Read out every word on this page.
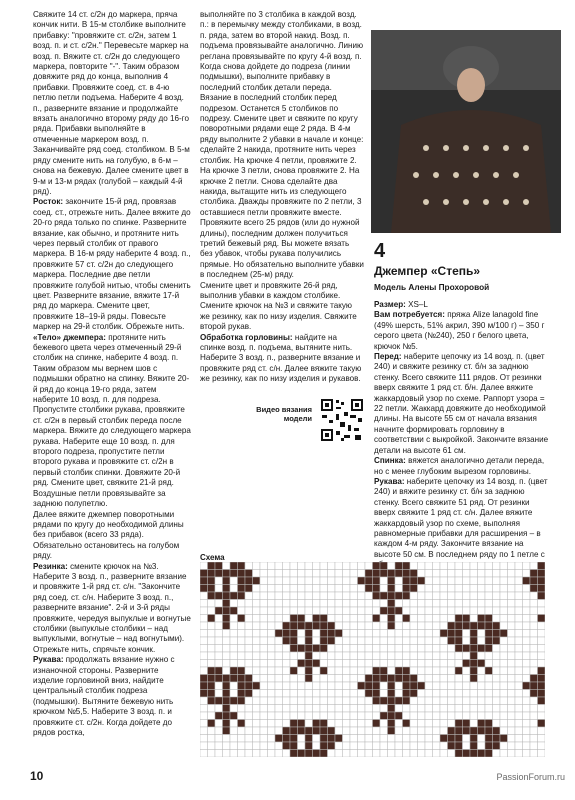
Свяжите 14 ст. с/2н до маркера, пряча кончик нити. В 15-м столбике выполните прибавку: "провяжите ст. с/2н, затем 1 возд. п. и ст. с/2н." Перевесьте маркер на возд. п. Вяжите ст. с/2н до следующего маркера, повторите "-". Таким образом довяжите ряд до конца, выполнив 4 прибавки. Провяжите соед. ст. в 4-ю петлю петли подъема. Наберите 4 возд. п., разверните вязание и продолжайте вязать аналогично второму ряду до 16-го ряда. Прибавки выполняйте в отмеченные маркером возд. п. Заканчивайте ряд соед. столбиком. В 5-м ряду смените нить на голубую, в 6-м – снова на бежевую. Далее смените цвет в 9-м и 13-м рядах (голубой – каждый 4-й ряд).

Росток: закончите 15-й ряд, провязав соед. ст., отрежьте нить. Далее вяжите до 20-го ряда только по спинке. Разверните вязание, как обычно, и протяните нить через первый столбик от правого маркера. В 16-м ряду наберите 4 возд. п., провяжите 57 ст. с/2н до следующего маркера. Последние две петли провяжите голубой нитью, чтобы сменить цвет. Разверните вязание, вяжите 17-й ряд до маркера. Смените цвет, провяжите 18–19-й ряды. Повесьте маркер на 29-й столбик. Обрежьте нить.

«Тело» джемпера: протяните нить бежевого цвета через отмеченный 29-й столбик на спинке, наберите 4 возд. п. Таким образом мы вернем шов с подмышки обратно на спинку. Вяжите 20-й ряд до конца 19-го ряда, затем наберите 10 возд. п. для подреза. Пропустите столбики рукава, провяжите ст. с/2н в первый столбик переда после маркера. Вяжите до следующего маркера рукава. Наберите еще 10 возд. п. для второго подреза, пропустите петли второго рукава и провяжите ст. с/2н в первый столбик спинки. Довяжите 20-й ряд. Смените цвет, свяжите 21-й ряд. Воздушные петли провязывайте за заднюю полупетлю.

Далее вяжите джемпер поворотными рядами по кругу до необходимой длины без прибавок (всего 33 ряда). Обязательно остановитесь на голубом ряду.

Резинка: смените крючок на №3. Наберите 3 возд. п., разверните вязание и провяжите 1-й ряд ст. с/н. "Закончите ряд соед. ст. с/н. Наберите 3 возд. п., разверните вязание". 2-й и 3-й ряды провяжите, чередуя выпуклые и вогнутые столбики (выпуклые столбики – над выпуклыми, вогнутые – над вогнутыми). Отрежьте нить, спрячьте кончик.

Рукава: продолжать вязание нужно с изнаночной стороны. Разверните изделие горловиной вниз, найдите центральный столбик подреза (подмышки). Вытяните бежевую нить крючком №5,5. Наберите 3 возд. п. и провяжите ст. с/2н. Когда дойдете до рядов ростка,

выполняйте по 3 столбика в каждой возд. п.: в перемычку между столбиками, в возд. п. ряда, затем во второй накид. Возд. п. подъема провязывайте аналогично. Линию реглана провязывайте по кругу 4-й возд. п. Когда снова дойдете до подреза (линии подмышки), выполните прибавку в последний столбик детали переда. Вязание в последний столбик перед подрезом. Останется 5 столбиков по подрезу. Смените цвет и свяжите по кругу поворотными рядами еще 2 ряда. В 4-м ряду выполните 2 убавки в начале и конце: сделайте 2 накида, протяните нить через столбик. На крючке 4 петли, провяжите 2. На крючке 3 петли, снова провяжите 2. На крючке 2 петли. Снова сделайте два накида, вытащите нить из следующего столбика. Дважды провяжите по 2 петли, 3 оставшиеся петли провяжите вместе. Провяжите всего 25 рядов (или до нужной длины), последним должен получиться третий бежевый ряд. Вы можете вязать без убавок, чтобы рукава получились прямые. Но обязательно выполните убавки в последнем (25-м) ряду.

Смените цвет и провяжите 26-й ряд, выполнив убавки в каждом столбике. Смените крючок на №3 и свяжите такую же резинку, как по низу изделия. Свяжите второй рукав.

Обработка горловины: найдите на спинке возд. п. подъема, вытяните нить. Наберите 3 возд. п., разверните вязание и провяжите ряд ст. с/н. Далее вяжите такую же резинку, как по низу изделия и рукавов.

4
Джемпер «Степь»
Модель Алены Прохоровой

Размер: XS–L

Вам потребуется: пряжа Alize lanagold fine (49% шерсть, 51% акрил, 390 м/100 г) – 350 г серого цвета (№240), 250 г белого цвета, крючок №5.

Перед: наберите цепочку из 14 возд. п. (цвет 240) и свяжите резинку ст. б/н за заднюю стенку. Всего свяжите 111 рядов. От резинки вверх свяжите 1 ряд ст. б/н. Далее вяжите жаккардовый узор по схеме. Раппорт узора = 22 петли. Жаккард довяжите до необходимой длины. На высоте 55 см от начала вязания начните формировать горловину в соответствии с выкройкой. Закончите вязание детали на высоте 61 см.

Спинка: вяжется аналогично детали переда, но с менее глубоким вырезом горловины.

Рукава: наберите цепочку из 14 возд. п. (цвет 240) и вяжите резинку ст. б/н за заднюю стенку. Всего свяжите 51 ряд. От резинки вверх свяжите 1 ряд ст. с/н. Далее вяжите жаккардовый узор по схеме, выполняя равномерные прибавки для расширения – в каждом 4-м ряду. Закончите вязание на высоте 50 см. В последнем ряду по 1 петле с

Видео вязания модели
Схема
10	PassionForum.ru
